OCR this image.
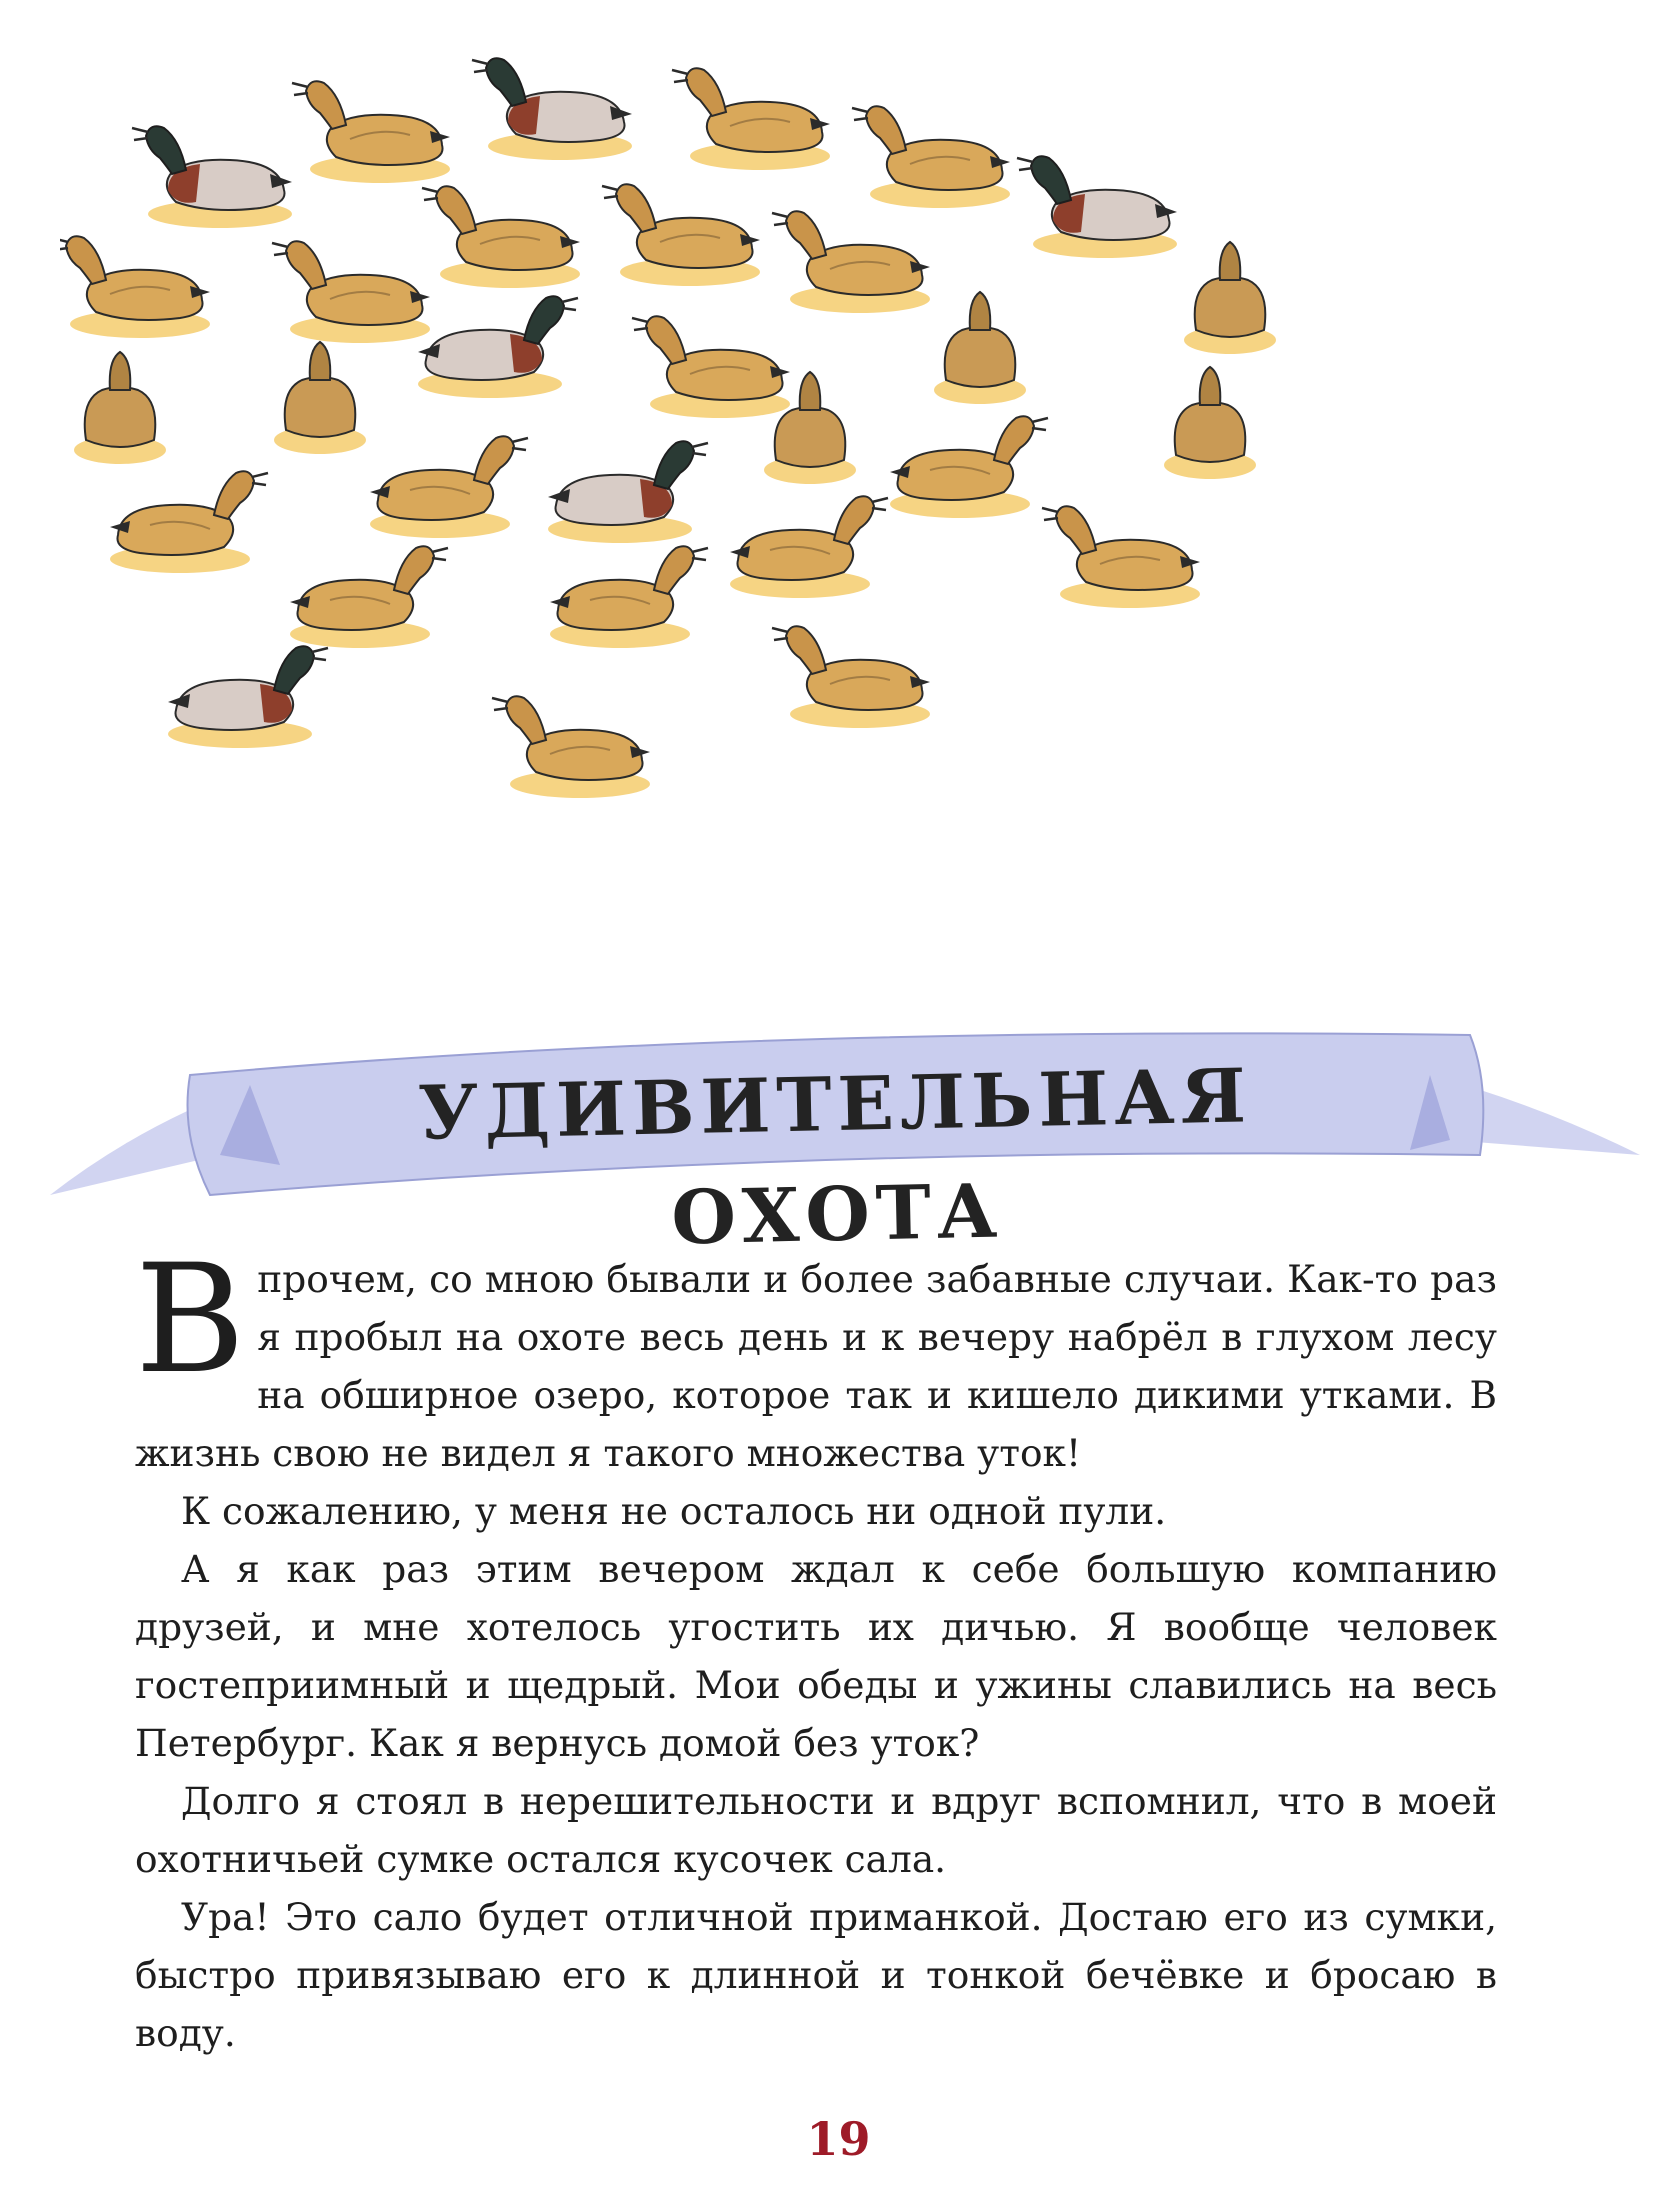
УДИВИТЕЛЬНАЯ ОХОТА

Впрочем, со мною бывали и более забавные случаи. Как-то раз я пробыл на охоте весь день и к вечеру набрёл в глухом лесу на обширное озеро, которое так и кишело дикими утками. В жизнь свою не видел я такого множества уток!

К сожалению, у меня не осталось ни одной пули.

А я как раз этим вечером ждал к себе большую компанию друзей, и мне хотелось угостить их дичью. Я вообще человек гостеприимный и щедрый. Мои обеды и ужины славились на весь Петербург. Как я вернусь домой без уток?

Долго я стоял в нерешительности и вдруг вспомнил, что в моей охотничьей сумке остался кусочек сала.

Ура! Это сало будет отличной приманкой. Достаю его из сумки, быстро привязываю его к длинной и тонкой бечёвке и бросаю в воду.

19
